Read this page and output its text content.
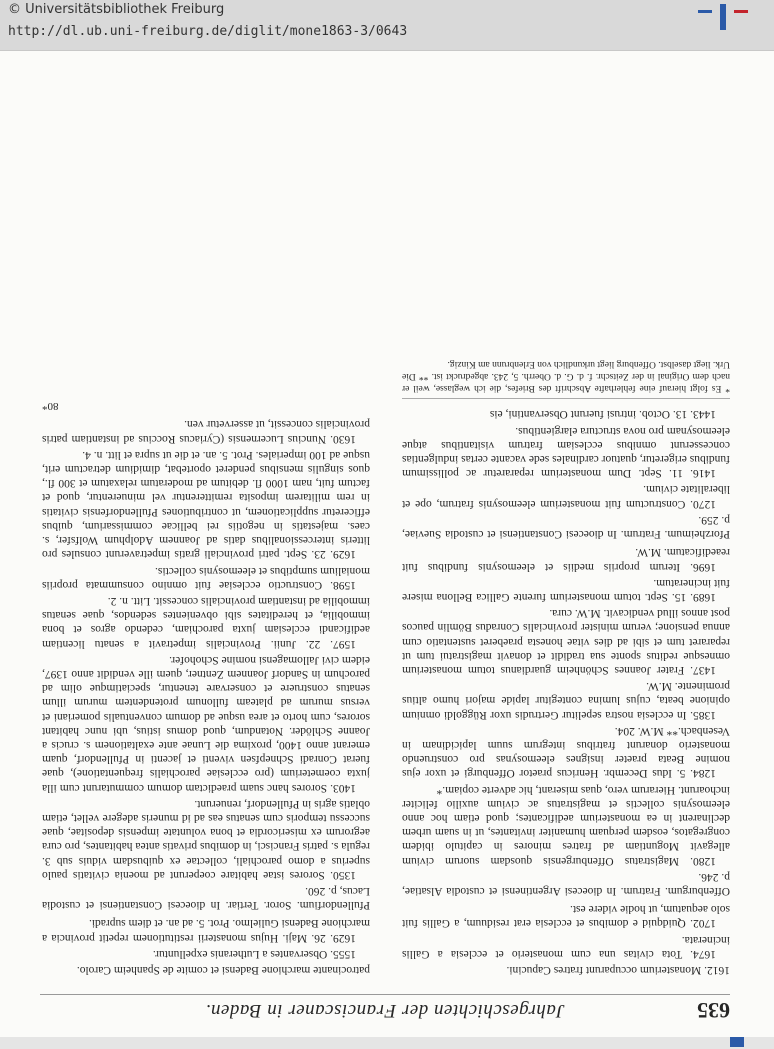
© Universitätsbibliothek Freiburg
http://dl.ub.uni-freiburg.de/diglit/mone1863-3/0643
635
Jahrgeschichten der Franciscaner in Baden.

1612. Monasterium occuparunt fratres Capucini.

1674. Tota civitas una cum monasterio et ecclesia a Gallis incinerata.

1702. Quidquid e domibus et ecclesia erat residuum, a Gallis fuit solo aequatum, ut hodie videre est.

Offenburgum. Fratrum. In dioecesi Argentinensi et custodia Alsatiae, p. 246.

1280. Magistratus Offenburgensis quosdam suorum civium allegavit Moguntiam ad fratres minores in capitulo ibidem congregatos, eosdem perquam humaniter invitantes, ut in suam urbem declinarent in ea monasterium aedificantes; quod etiam hoc anno eleemosynis collectis et magistratus ac civium auxilio feliciter inchoarunt. Hierarum vero, quas miserant, hic adverte copiam.*

1284. 5. Idus Decembr. Henricus praetor Offenburgi et uxor ejus nomine Beata praeter insignes eleemosynas pro construendo monasterio donarunt fratribus integrum suum lapicidinam in Vesenbach.** M.W. 204.

1385. In ecclesia nostra sepelitur Gertrudis uxor Rüggoldi omnium opinione beata, cujus lumina contegitur lapide majori humo altius prominente. M.W.

1437. Frater Joannes Schönheim guardianus totum monasterium omnesque reditus sponte sua tradidit et donavit magistratui tum ut repararet tum et sibi ad dies vitae honesta praeberet sustentatio cum annua pensione; verum minister provincialis Conradus Bömlin paucos post annos illud vendicavit. M.W. cura.

1689. 15. Sept. totum monasterium furente Gallica Bellona misere fuit incineratum.

1696. Iterum propriis mediis et eleemosynis fundibus fuit reaedificatum. M.W.

Pforzheimum. Fratrum. In dioecesi Constantiensi et custodia Sueviae, p. 259.

1270. Constructum fuit monasterium eleemosynis fratrum, ope et liberalitate civium.

1416. 11. Sept. Dum monasterium repararetur ac pollissimum fundibus erigeretur, quatuor cardinales sede vacante certas indulgentias concesserunt omnibus ecclesiam fratrum visitantibus atque eleemosynam pro nova structura elargientibus.

1443. 13. Octob. intrusi fuerunt Observantini, eis

* Es folgt hierauf eine fehlerhafte Abschrift des Briefes, die ich weglasse, weil er nach dem Original in der Zeitschr. f. d. G. d. Oberrh. 5, 243. abgedruckt ist. ** Die Urk. liegt daselbst. Offenburg liegt urkundlich von Erlenbrunn am Kinzig.

patrocinante marchione Badensi et comite de Spanheim Carolo.

1555. Observantes a Lutheranis expelluntur.

1629. 26. Maji. Hujus monasterii restitutionem repetit provincia a marchione Badensi Gulielmo. Prot. 5. ad an. et diem supradi.

Pfullendorfium. Soror. Tertiar. In dioecesi Constantiensi et custodia Lacus, p. 260.

1350. Sorores istae habitare coeperunt ad moenia civitatis paulo superius a domo parochiali, collectae ex quibusdam viduis sub 3. regula s. patris Francisci, in domibus privatis antea habitantes, pro cura aegrorum ex misericordia et bona voluntate impensis depositae, quae successu temporis cum senatus eas ad id muneris adegere vellet, etiam oblatis agris in Pfullendorf, renuerunt.

1403. Sorores hanc suam praedictam domum commutarunt cum illa juxta coemeterium (pro ecclesiae parochialis frequentatione), quae fuerat Conradi Schnepfsen viventi et jacenti in Pfullendorf, quam emerant anno 1400, proxima die Lunae ante exaltationem s. crucis a Joanne Schlöder. Notandum, quod domus istius, ubi nunc habitant sorores, cum horto et area usque ad domum conventualis pomeriani et versus murum ad plateam fullonum protendentem murum illum senatus construere et conservare tenentur, speciatimque olim ad parochum in Sandorf Joannem Zentner, quem ille vendidit anno 1397, eidem civi Jallomagensi nomine Schohofer.

1597. 22. Junii. Provincialis impetravit a senatu licentiam aedificandi ecclesiam juxta parochiam, cedendo agros et bona immobilia, et hereditates sibi obvenientes sedendos, quae senatus immobilia ad instantiam provincialis concessit. Litt. n. 2.

1598. Constructio ecclesiae fuit omnino consummata propriis monialium sumptibus et eleemosynis collectis.

1629. 23. Sept. patri provinciali gratis impetraverunt consules pro litteris intercessionalibus datis ad Joannem Adolphum Wolfsfer, s. caes. majestatis in negotiis rei bellicae commissarium, quibus efficeretur supplicationem, ut contributiones Pfullendorfensis civitatis in rem militarem imposita remitterentur vel minuerentur, quod et factum fuit, nam 1000 fl. debitum ad moderatum relaxatum et 300 fl., quos singulis mensibus penderet oportebat, dimidium detractum erit, usque ad 100 imperiales. Prot. 5. an. et die ut supra et litt. n. 4.

1630. Nuncius Lucernensis (Cyriacus Roccius ad instantiam patris provincialis concessit, ut asservetur ven.

80*
